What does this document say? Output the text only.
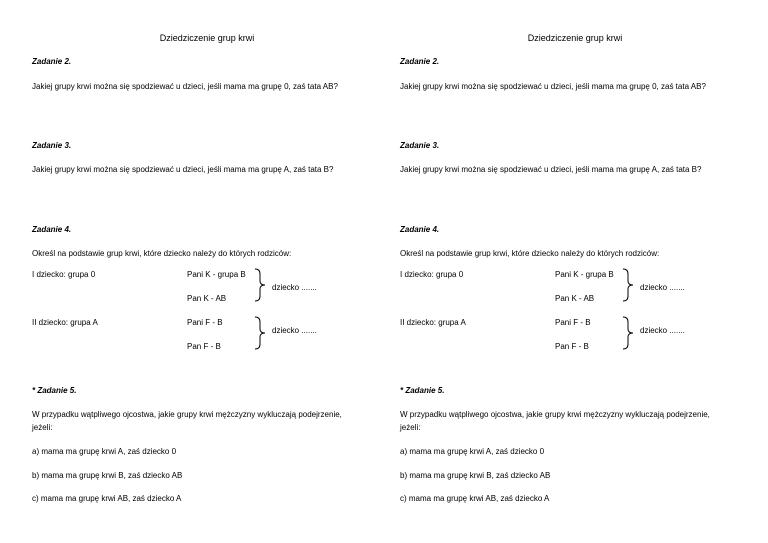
Dziedziczenie grup krwi
Zadanie 2.
Jakiej grupy krwi można się spodziewać u dzieci, jeśli mama ma grupę 0, zaś tata AB?
Zadanie 3.
Jakiej grupy krwi można się spodziewać u dzieci, jeśli mama ma grupę A, zaś tata B?
Zadanie 4.
Określ na podstawie grup krwi, które dziecko należy do których rodziców:
I dziecko: grupa 0	Pani K - grupa B
Pan K - AB
dziecko .......
II dziecko: grupa A	Pani F - B
Pan F - B
dziecko .......
* Zadanie 5.
W przypadku wątpliwego ojcostwa, jakie grupy krwi mężczyzny wykluczają podejrzenie, jeżeli:
a) mama ma grupę krwi A, zaś dziecko 0
b) mama ma grupę krwi B, zaś dziecko AB
c) mama ma grupę krwi AB, zaś dziecko A
Dziedziczenie grup krwi
Zadanie 2.
Jakiej grupy krwi można się spodziewać u dzieci, jeśli mama ma grupę 0, zaś tata AB?
Zadanie 3.
Jakiej grupy krwi można się spodziewać u dzieci, jeśli mama ma grupę A, zaś tata B?
Zadanie 4.
Określ na podstawie grup krwi, które dziecko należy do których rodziców:
I dziecko: grupa 0	Pani K - grupa B
Pan K - AB
dziecko .......
II dziecko: grupa A	Pani F - B
Pan F - B
dziecko .......
* Zadanie 5.
W przypadku wątpliwego ojcostwa, jakie grupy krwi mężczyzny wykluczają podejrzenie, jeżeli:
a) mama ma grupę krwi A, zaś dziecko 0
b) mama ma grupę krwi B, zaś dziecko AB
c) mama ma grupę krwi AB, zaś dziecko A
